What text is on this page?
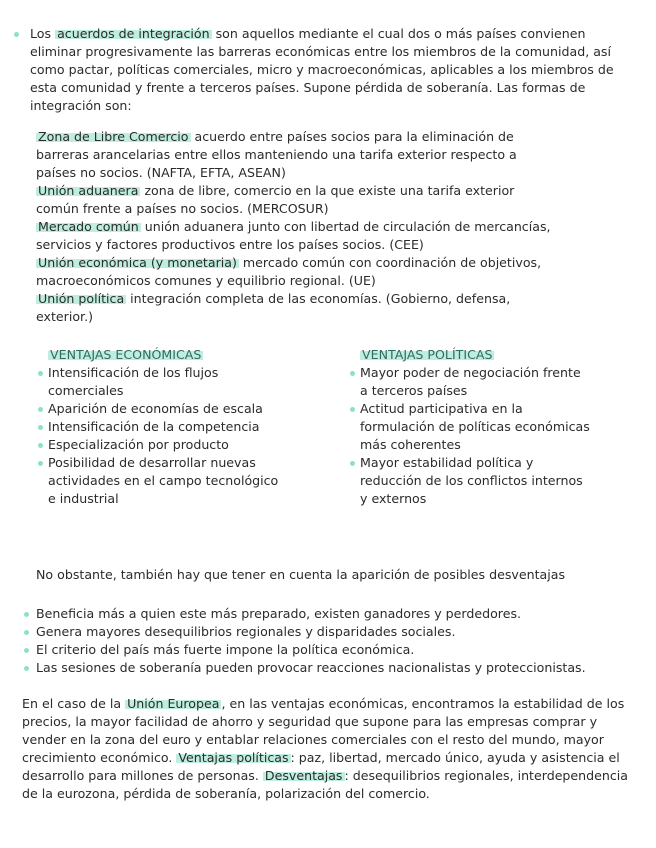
Los acuerdos de integración son aquellos mediante el cual dos o más países convienen eliminar progresivamente las barreras económicas entre los miembros de la comunidad, así como pactar, políticas comerciales, micro y macroeconómicas, aplicables a los miembros de esta comunidad y frente a terceros países. Supone pérdida de soberanía. Las formas de integración son:
Zona de Libre Comercio acuerdo entre países socios para la eliminación de barreras arancelarias entre ellos manteniendo una tarifa exterior respecto a países no socios. (NAFTA, EFTA, ASEAN)
Unión aduanera zona de libre, comercio en la que existe una tarifa exterior común frente a países no socios. (MERCOSUR)
Mercado común unión aduanera junto con libertad de circulación de mercancías, servicios y factores productivos entre los países socios. (CEE)
Unión económica (y monetaria) mercado común con coordinación de objetivos, macroeconómicos comunes y equilibrio regional. (UE)
Unión política integración completa de las economías. (Gobierno, defensa, exterior.)
VENTAJAS ECONÓMICAS
Intensificación de los flujos comerciales
Aparición de economías de escala
Intensificación de la competencia
Especialización por producto
Posibilidad de desarrollar nuevas actividades en el campo tecnológico e industrial
VENTAJAS POLÍTICAS
Mayor poder de negociación frente a terceros países
Actitud participativa en la formulación de políticas económicas más coherentes
Mayor estabilidad política y reducción de los conflictos internos y externos
No obstante, también hay que tener en cuenta la aparición de posibles desventajas
Beneficia más a quien este más preparado, existen ganadores y perdedores.
Genera mayores desequilibrios regionales y disparidades sociales.
El criterio del país más fuerte impone la política económica.
Las sesiones de soberanía pueden provocar reacciones nacionalistas y proteccionistas.
En el caso de la Unión Europea , en las ventajas económicas, encontramos la estabilidad de los precios, la mayor facilidad de ahorro y seguridad que supone para las empresas comprar y vender en la zona del euro y entablar relaciones comerciales con el resto del mundo, mayor crecimiento económico. Ventajas políticas : paz, libertad, mercado único, ayuda y asistencia el desarrollo para millones de personas. Desventajas : desequilibrios regionales, interdependencia de la eurozona, pérdida de soberanía, polarización del comercio.
